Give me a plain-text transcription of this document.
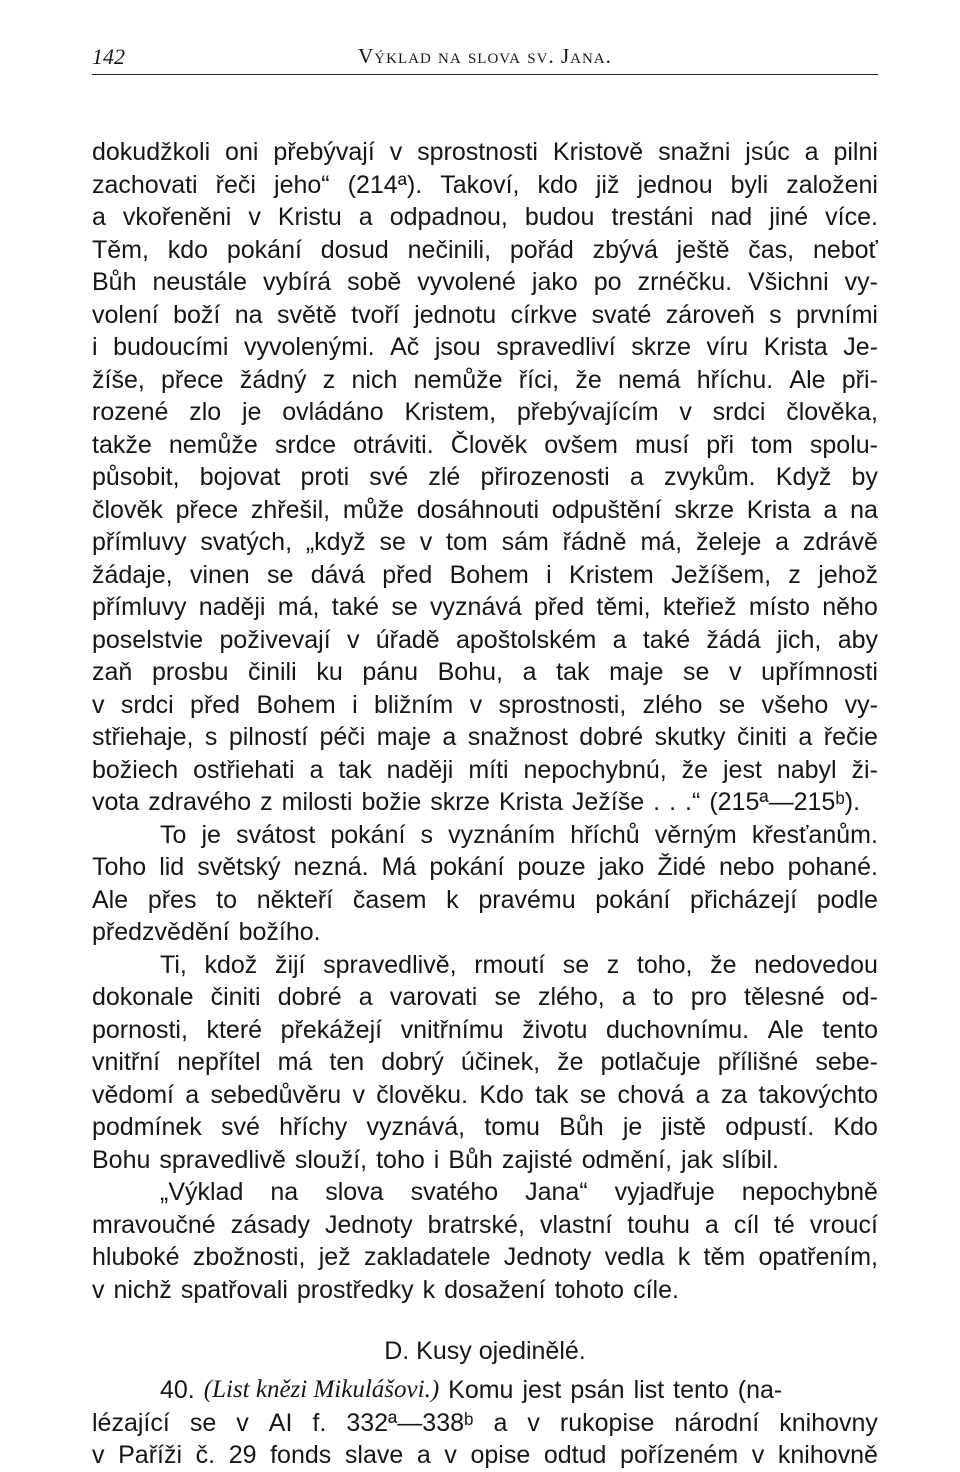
142	Výklad na slova sv. Jana.
dokudžkoli oni přebývají v sprostnosti Kristově snažni jsúc a pilni
zachovati řeči jeho“ (214ª). Takoví, kdo již jednou byli založeni
a vkořeněni v Kristu a odpadnou, budou trestáni nad jiné více.
Těm, kdo pokání dosud nečinili, pořád zbývá ještě čas, neboť
Bůh neustále vybírá sobě vyvolené jako po zrnéčku. Všichni vy-
volení boží na světě tvoří jednotu církve svaté zároveň s prvními
i budoucími vyvolenými. Ač jsou spravedliví skrze víru Krista Je-
žíše, přece žádný z nich nemůže říci, že nemá hříchu. Ale při-
rozené zlo je ovládáno Kristem, přebývajícím v srdci člověka,
takže nemůže srdce otráviti. Člověk ovšem musí při tom spolu-
působit, bojovat proti své zlé přirozenosti a zvykům. Když by
člověk přece zhřešil, může dosáhnouti odpuštění skrze Krista a na
přímluvy svatých, „když se v tom sám řádně má, želeje a zdrávě
žádaje, vinen se dává před Bohem i Kristem Ježíšem, z jehož
přímluvy naději má, také se vyznává před těmi, kteřiež místo něho
poselstvie poživevají v úřadě apoštolském a také žádá jich, aby
zaň prosbu činili ku pánu Bohu, a tak maje se v upřímnosti
v srdci před Bohem i bližním v sprostnosti, zlého se všeho vy-
střiehaje, s pilností péči maje a snažnost dobré skutky činiti a řečie
božiech ostřiehati a tak naději míti nepochybnú, že jest nabyl ži-
vota zdravého z milosti božie skrze Krista Ježíše . . .“ (215ª—215ᵇ).
To je svátost pokání s vyznáním hříchů věrným křesťanům.
Toho lid světský nezná. Má pokání pouze jako Židé nebo pohané.
Ale přes to někteří časem k pravému pokání přicházejí podle
předzvědění božího.
Ti, kdož žijí spravedlivě, rmoutí se z toho, že nedovedou
dokonale činiti dobré a varovati se zlého, a to pro tělesné od-
pornosti, které překážejí vnitřnímu životu duchovnímu. Ale tento
vnitřní nepřítel má ten dobrý účinek, že potlačuje přílišné sebe-
vědomí a sebedůvěru v člověku. Kdo tak se chová a za takovýchto
podmínek své hříchy vyznává, tomu Bůh je jistě odpustí. Kdo
Bohu spravedlivě slouží, toho i Bůh zajisté odmění, jak slíbil.
„Výklad na slova svatého Jana“ vyjadřuje nepochybně
mravoučné zásady Jednoty bratrské, vlastní touhu a cíl té vroucí
hluboké zbožnosti, jež zakladatele Jednoty vedla k těm opatřením,
v nichž spatřovali prostředky k dosažení tohoto cíle.
D. Kusy ojedinělé.
40. (List knězi Mikulášovi.) Komu jest psán list tento (na-
lézající se v AI f. 332ª—338ᵇ a v rukopise národní knihovny
v Paříži č. 29 fonds slave a v opise odtud pořízeném v knihovně
